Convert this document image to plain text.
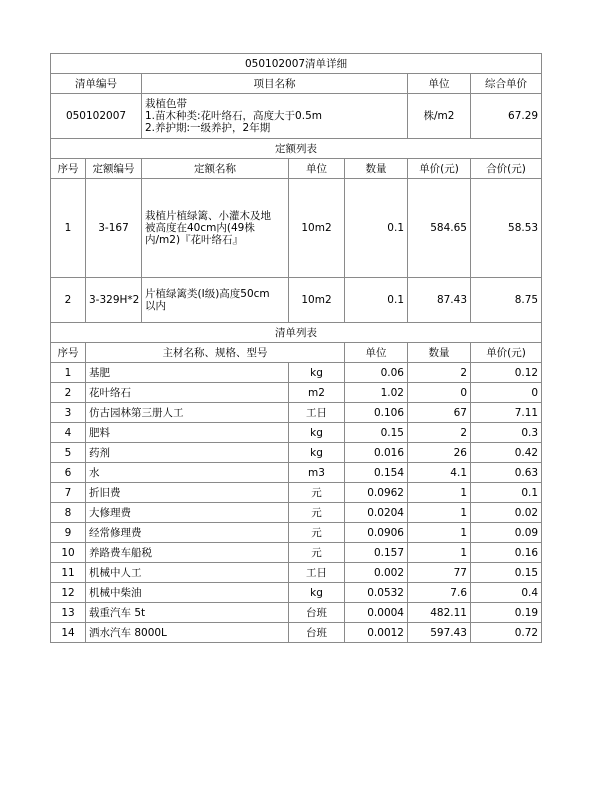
050102007清单详细							
清单编号		项目名称			单位	综合单价	
050102007		栽植色带
1.苗木种类:花叶络石，高度大于0.5m
2.养护期:一级养护，2年期			株/m2	67.29	
定额列表							
序号	定额编号	定额名称	单位	数量	单价(元)	合价(元)	
1	3-167	栽植片植绿篱、小灌木及地
被高度在40cm内(49株
内/m2)『花叶络石』	10m2	0.1	584.65	58.53	
2	3-329H*2	片植绿篱类(Ⅰ级)高度50cm
以内	10m2	0.1	87.43	8.75	
清单列表							
序号	主材名称、规格、型号			单位	数量	单价(元)	
1	基肥		kg	0.06	2	0.12	
2	花叶络石		m2	1.02	0	0	
3	仿古园林第三册人工		工日	0.106	67	7.11	
4	肥料		kg	0.15	2	0.3	
5	药剂		kg	0.016	26	0.42	
6	水		m3	0.154	4.1	0.63	
7	折旧费		元	0.0962	1	0.1	
8	大修理费		元	0.0204	1	0.02	
9	经常修理费		元	0.0906	1	0.09	
10	养路费车船税		元	0.157	1	0.16	
11	机械中人工		工日	0.002	77	0.15	
12	机械中柴油		kg	0.0532	7.6	0.4	
13	载重汽车 5t		台班	0.0004	482.11	0.19	
14	洒水汽车 8000L		台班	0.0012	597.43	0.72	
